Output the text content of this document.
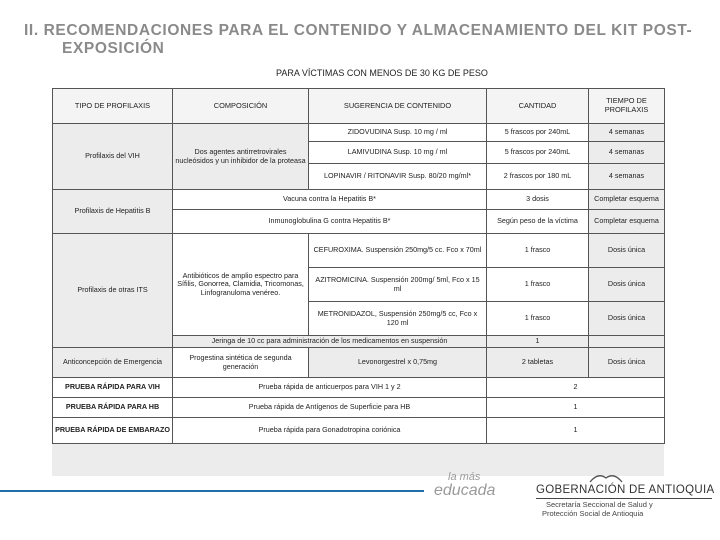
II. RECOMENDACIONES PARA EL CONTENIDO Y ALMACENAMIENTO DEL KIT POST-
EXPOSICIÓN
PARA VÍCTIMAS CON MENOS DE 30 KG DE PESO
TIPO DE PROFILAXIS	COMPOSICIÓN	SUGERENCIA DE CONTENIDO	CANTIDAD	TIEMPO DE PROFILAXIS
Profilaxis del VIH	Dos agentes antirretrovirales nucleósidos y un inhibidor de la proteasa	ZIDOVUDINA Susp. 10 mg / ml	5 frascos por 240mL	4 semanas
		LAMIVUDINA Susp. 10 mg / ml	5 frascos por 240mL	4 semanas
		LOPINAVIR / RITONAVIR Susp. 80/20 mg/ml*	2 frascos por 180 mL	4 semanas
Profilaxis de Hepatitis B	Vacuna contra la Hepatitis B*		3 dosis	Completar esquema
	Inmunoglobulina G contra Hepatitis B*		Según peso de la víctima	Completar esquema
Profilaxis de otras ITS	Antibióticos de amplio espectro para Sífilis, Gonorrea, Clamidia, Tricomonas, Linfogranuloma venéreo.	CEFUROXIMA. Suspensión 250mg/5 cc. Fco x 70ml	1 frasco	Dosis única
		AZITROMICINA. Suspensión 200mg/ 5ml, Fco x 15 ml	1 frasco	Dosis única
		METRONIDAZOL, Suspensión 250mg/5 cc, Fco x 120 ml	1 frasco	Dosis única
	Jeringa de 10 cc para administración de los medicamentos en suspensión		1	
Anticoncepción de Emergencia	Progestina sintética de segunda generación	Levonorgestrel x 0,75mg	2 tabletas	Dosis única
PRUEBA RÁPIDA PARA VIH	Prueba rápida de anticuerpos para VIH 1 y 2		2	
PRUEBA RÁPIDA PARA HB	Prueba rápida de Antígenos de Superficie para HB		1	
PRUEBA RÁPIDA DE EMBARAZO	Prueba rápida para Gonadotropina coriónica		1	
la más
educada	GOBERNACIÓN DE ANTIOQUIA
Secretaría Seccional de Salud y
Protección Social de Antioquia
